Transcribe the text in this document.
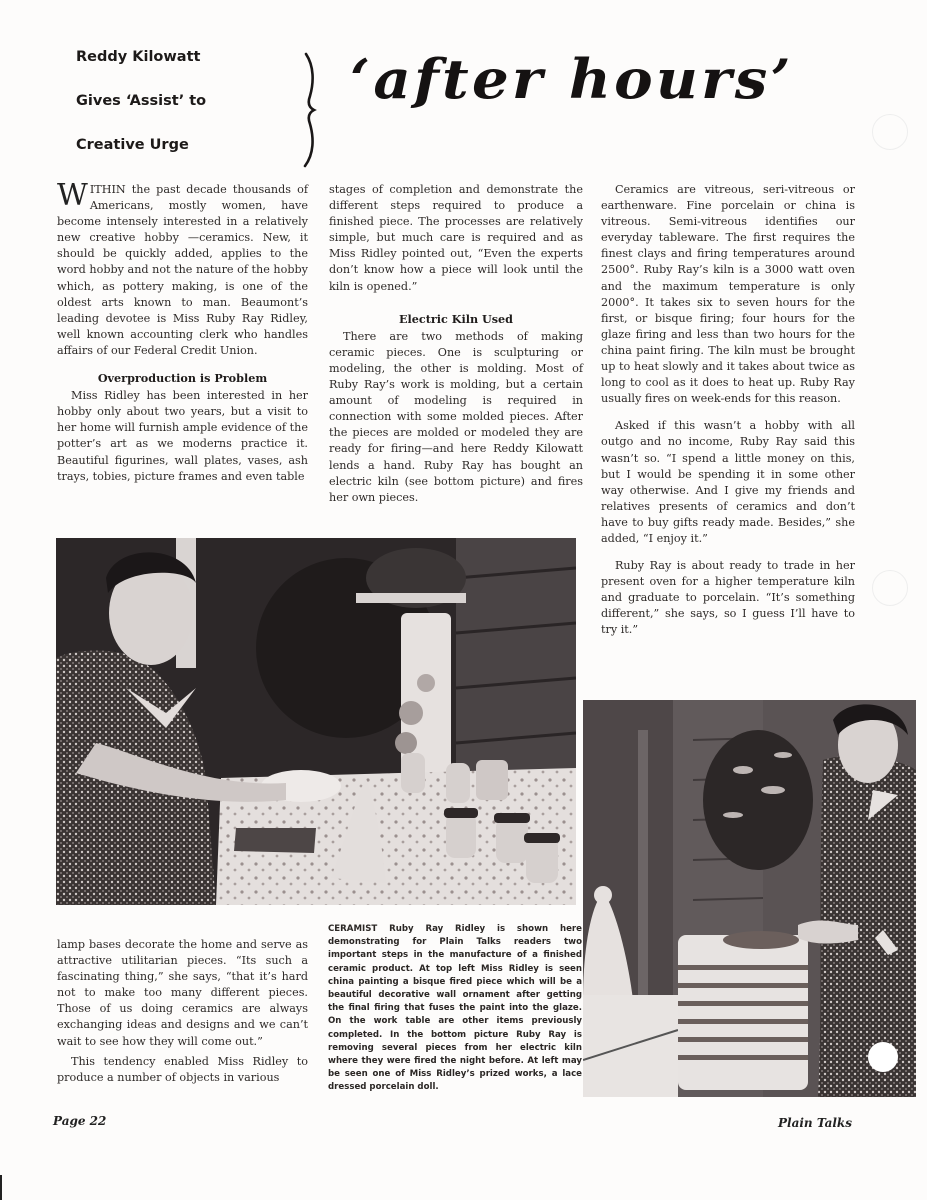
Reddy Kilowatt
Gives ‘Assist’ to
Creative Urge
‘after hours’

WITHIN the past decade thousands of Americans, mostly women, have become intensely interested in a relatively new creative hobby —ceramics. New, it should be quickly added, applies to the word hobby and not the nature of the hobby which, as pottery making, is one of the oldest arts known to man. Beaumont’s leading devotee is Miss Ruby Ray Ridley, well known accounting clerk who handles affairs of our Federal Credit Union.

Overproduction is Problem

Miss Ridley has been interested in her hobby only about two years, but a visit to her home will furnish ample evidence of the potter’s art as we moderns practice it. Beautiful figurines, wall plates, vases, ash trays, tobies, picture frames and even table

stages of completion and demonstrate the different steps required to produce a finished piece. The processes are relatively simple, but much care is required and as Miss Ridley pointed out, “Even the experts don’t know how a piece will look until the kiln is opened.”

Electric Kiln Used

There are two methods of making ceramic pieces. One is sculpturing or modeling, the other is molding. Most of Ruby Ray’s work is molding, but a certain amount of modeling is required in connection with some molded pieces. After the pieces are molded or modeled they are ready for firing—and here Reddy Kilowatt lends a hand. Ruby Ray has bought an electric kiln (see bottom picture) and fires her own pieces.

Ceramics are vitreous, seri-vitreous or earthenware. Fine porcelain or china is vitreous. Semi-vitreous identifies our everyday tableware. The first requires the finest clays and firing temperatures around 2500°. Ruby Ray’s kiln is a 3000 watt oven and the maximum temperature is only 2000°. It takes six to seven hours for the first, or bisque firing; four hours for the glaze firing and less than two hours for the china paint firing. The kiln must be brought up to heat slowly and it takes about twice as long to cool as it does to heat up. Ruby Ray usually fires on week-ends for this reason.

Asked if this wasn’t a hobby with all outgo and no income, Ruby Ray said this wasn’t so. “I spend a little money on this, but I would be spending it in some other way otherwise. And I give my friends and relatives presents of ceramics and don’t have to buy gifts ready made. Besides,” she added, “I enjoy it.”

Ruby Ray is about ready to trade in her present oven for a higher temperature kiln and graduate to porcelain. “It’s something different,” she says, so I guess I’ll have to try it.”

lamp bases decorate the home and serve as attractive utilitarian pieces. “Its such a fascinating thing,” she says, “that it’s hard not to make too many different pieces. Those of us doing ceramics are always exchanging ideas and designs and we can’t wait to see how they will come out.”

This tendency enabled Miss Ridley to produce a number of objects in various

CERAMIST Ruby Ray Ridley is shown here demonstrating for Plain Talks readers two important steps in the manufacture of a finished ceramic product. At top left Miss Ridley is seen china painting a bisque fired piece which will be a beautiful decorative wall ornament after getting the final firing that fuses the paint into the glaze. On the work table are other items previously completed. In the bottom picture Ruby Ray is removing several pieces from her electric kiln where they were fired the night before. At left may be seen one of Miss Ridley’s prized works, a lace dressed porcelain doll.
Page 22	Plain Talks
